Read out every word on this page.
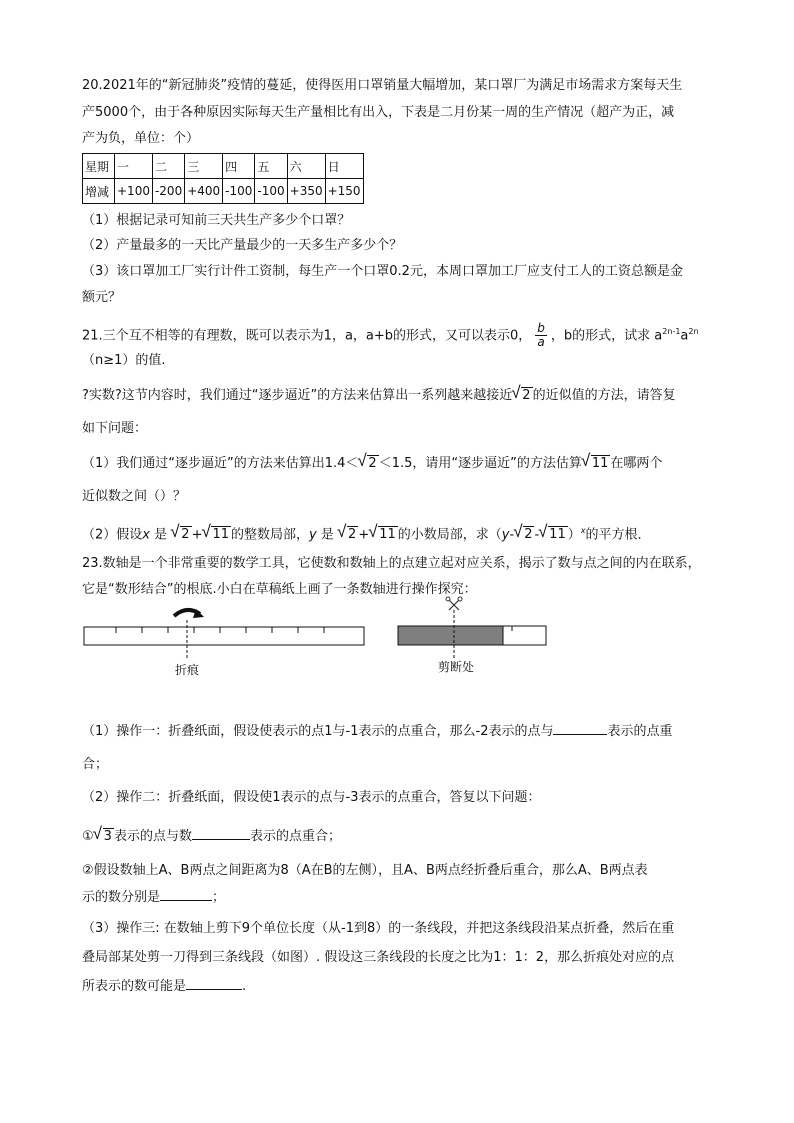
20.2021年的“新冠肺炎”疫情的蔓延，使得医用口罩销量大幅增加，某口罩厂为满足市场需求方案每天生
产5000个，由于各种原因实际每天生产量相比有出入，下表是二月份某一周的生产情况（超产为正，减
产为负，单位：个）
星期	一	二	三	四	五	六	日
增减	+100	-200	+400	-100	-100	+350	+150
（1）根据记录可知前三天共生产多少个口罩？
（2）产量最多的一天比产量最少的一天多生产多少个？
（3）该口罩加工厂实行计件工资制，每生产一个口罩0.2元，本周口罩加工厂应支付工人的工资总额是金
额元？
21.三个互不相等的有理数，既可以表示为1，a，a+b的形式，又可以表示0， $\frac{b}{a}$ ，b的形式，试求 $a^{2n-1}a^{2n}$
（n≥1）的值.
?实数?这节内容时，我们通过“逐步逼近”的方法来估算出一系列越来越接近 √ 2 的近似值的方法，请答复
如下问题：
（1）我们通过“逐步逼近”的方法来估算出1.4＜ √ 2 ＜1.5，请用“逐步逼近”的方法估算 √ 11 在哪两个
近似数之间（）？
（2）假设x 是 √ 2 + √ 11 的整数局部，y 是 √ 2 + √ 11 的小数局部，求（y- √ 2 - √ 11 ）$^x$的平方根．
23.数轴是一个非常重要的数学工具，它使数和数轴上的点建立起对应关系，揭示了数与点之间的内在联系，
它是“数形结合”的根底.小白在草稿纸上画了一条数轴进行操作探究：
折痕	剪断处
（1）操作一：折叠纸面，假设使表示的点1与-1表示的点重合，那么-2表示的点与	表示的点重
合；
（2）操作二：折叠纸面，假设使1表示的点与-3表示的点重合，答复以下问题：
① √ 3 表示的点与数	表示的点重合；
②假设数轴上A、B两点之间距离为8（A在B的左侧），且A、B两点经折叠后重合，那么A、B两点表
示的数分别是	；
（3）操作三: 在数轴上剪下9个单位长度（从-1到8）的一条线段，并把这条线段沿某点折叠，然后在重
叠局部某处剪一刀得到三条线段（如图）. 假设这三条线段的长度之比为1：1：2，那么折痕处对应的点
所表示的数可能是	.
